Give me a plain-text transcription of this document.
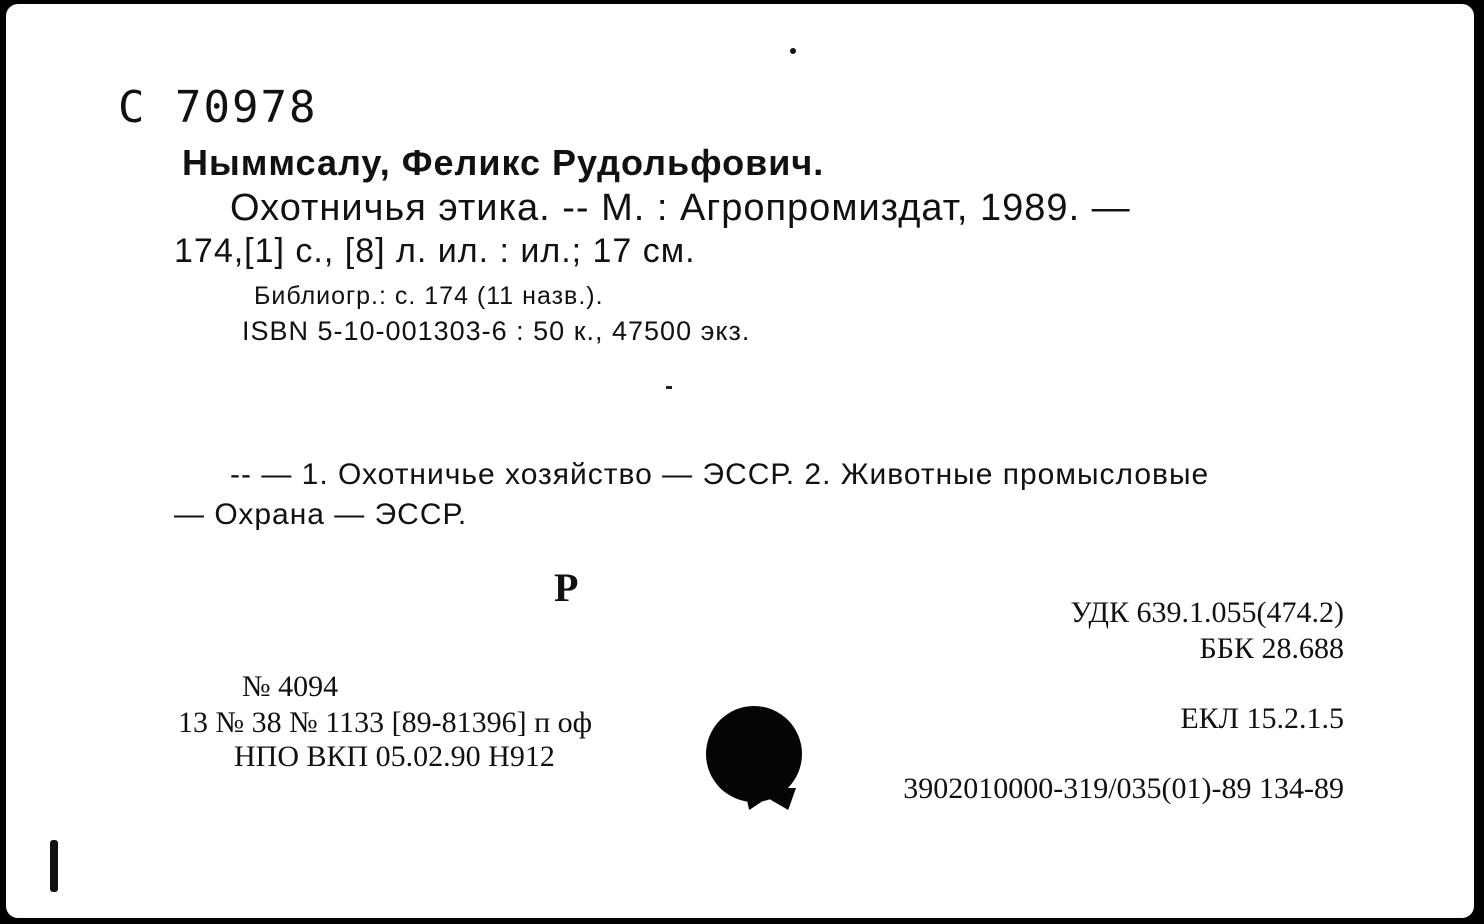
C 70978
Ныммсалу, Феликс Рудольфович.
Охотничья этика. -- М. : Агропромиздат, 1989. —
174,[1] с., [8] л. ил. : ил.; 17 см.
Библиогр.: с. 174 (11 назв.).
ISBN 5-10-001303-6 : 50 к., 47500 экз.
-- — 1. Охотничье хозяйство — ЭССР. 2. Животные промысловые
— Охрана — ЭССР.
Р
УДК 639.1.055(474.2)
ББК 28.688
ЕКЛ 15.2.1.5
3902010000-319/035(01)-89 134-89
№ 4094
13 № 38 № 1133 [89-81396] п оф
НПО ВКП 05.02.90 Н912
